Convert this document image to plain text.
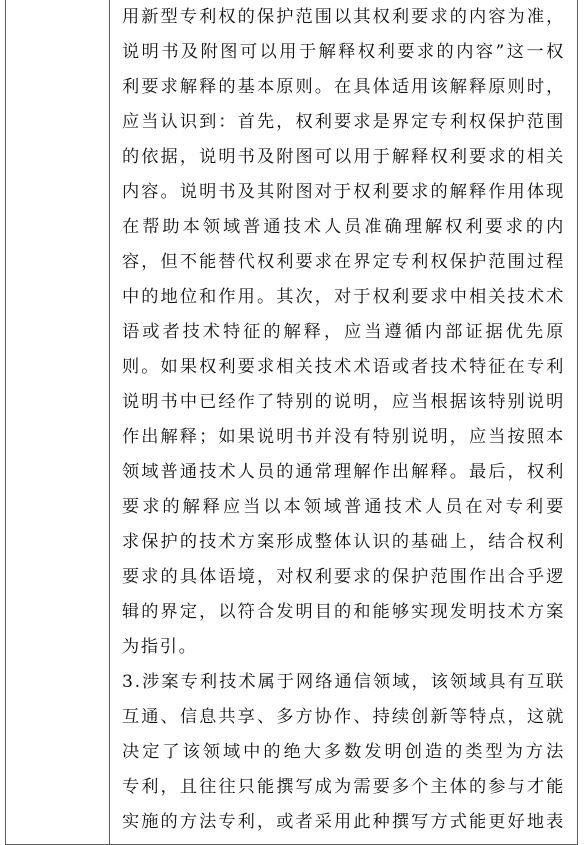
用新型专利权的保护范围以其权利要求的内容为准，
说明书及附图可以用于解释权利要求的内容”这一权
利要求解释的基本原则。在具体适用该解释原则时，
应当认识到：首先，权利要求是界定专利权保护范围
的依据，说明书及附图可以用于解释权利要求的相关
内容。说明书及其附图对于权利要求的解释作用体现
在帮助本领域普通技术人员准确理解权利要求的内
容，但不能替代权利要求在界定专利权保护范围过程
中的地位和作用。其次，对于权利要求中相关技术术
语或者技术特征的解释，应当遵循内部证据优先原
则。如果权利要求相关技术术语或者技术特征在专利
说明书中已经作了特别的说明，应当根据该特别说明
作出解释；如果说明书并没有特别说明，应当按照本
领域普通技术人员的通常理解作出解释。最后，权利
要求的解释应当以本领域普通技术人员在对专利要
求保护的技术方案形成整体认识的基础上，结合权利
要求的具体语境，对权利要求的保护范围作出合乎逻
辑的界定，以符合发明目的和能够实现发明技术方案
为指引。
3.涉案专利技术属于网络通信领域，该领域具有互联
互通、信息共享、多方协作、持续创新等特点，这就
决定了该领域中的绝大多数发明创造的类型为方法
专利，且往往只能撰写成为需要多个主体的参与才能
实施的方法专利，或者采用此种撰写方式能更好地表
